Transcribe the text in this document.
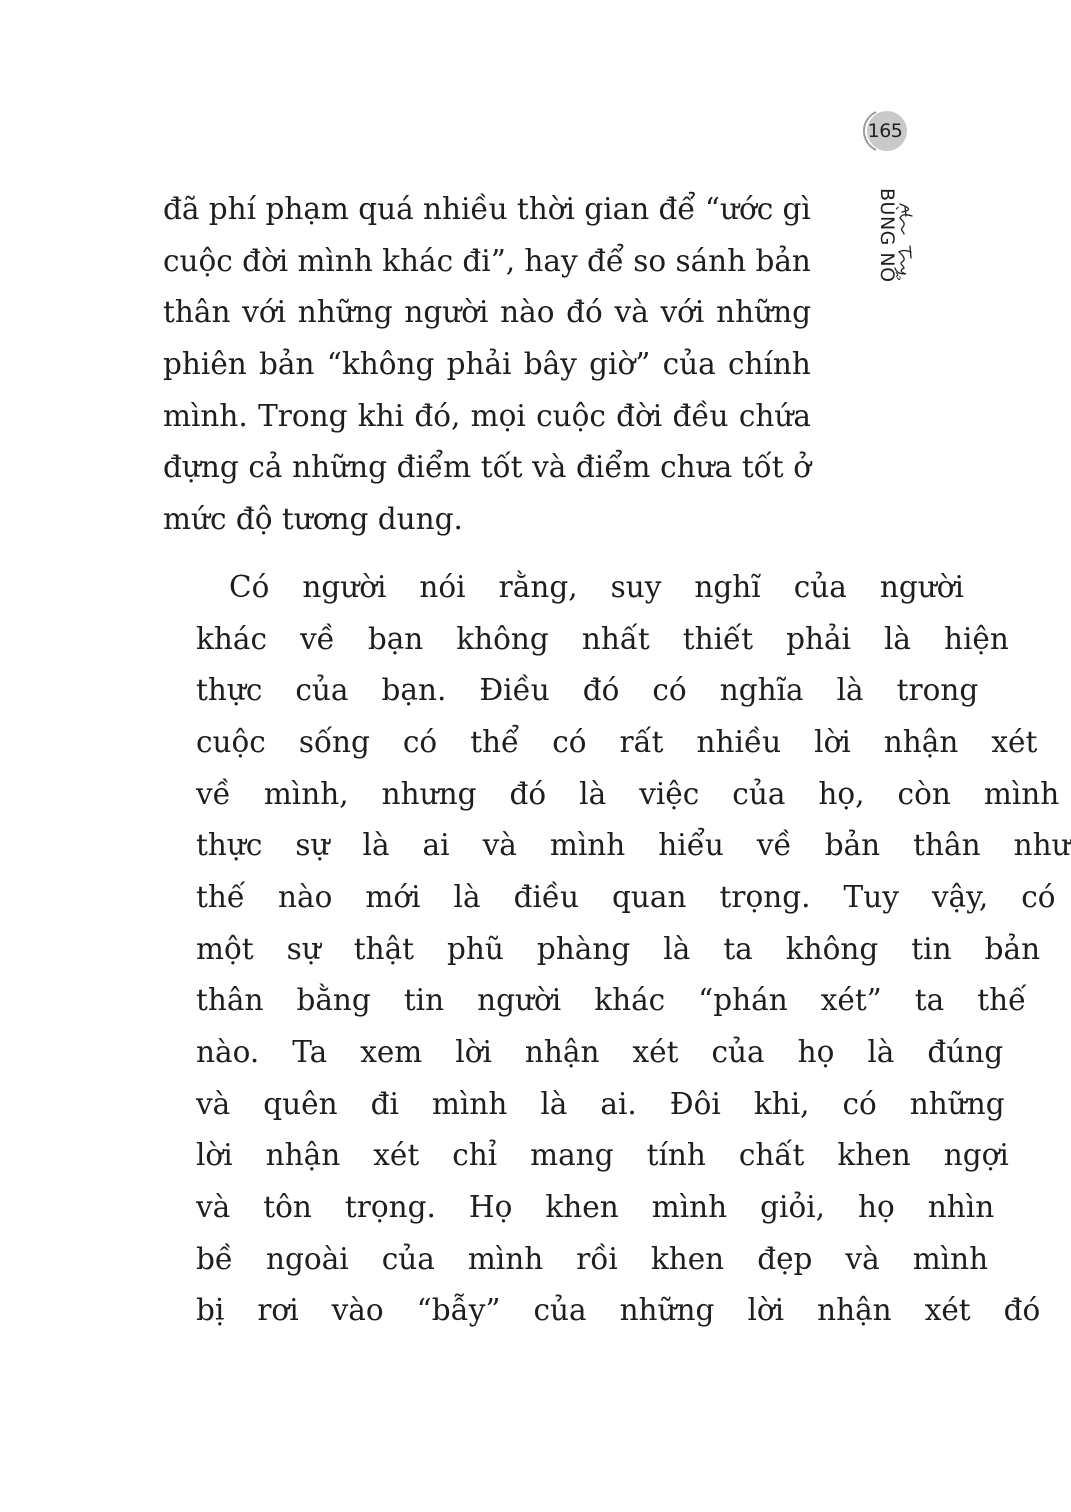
165
BÙNG NỔ

đã phí phạm quá nhiều thời gian để “ước gì
cuộc đời mình khác đi”, hay để so sánh bản
thân với những người nào đó và với những
phiên bản “không phải bây giờ” của chính
mình. Trong khi đó, mọi cuộc đời đều chứa
đựng cả những điểm tốt và điểm chưa tốt ở
mức độ tương dung.

Có	người	nói	rằng,	suy	nghĩ	của	người
khác	về	bạn	không	nhất	thiết	phải	là	hiện
thực	của	bạn.	Điều	đó	có	nghĩa	là	trong
cuộc	sống	có	thể	có	rất	nhiều	lời	nhận	xét
về	mình,	nhưng	đó	là	việc	của	họ,	còn	mình
thực	sự	là	ai	và	mình	hiểu	về	bản	thân	như
thế	nào	mới	là	điều	quan	trọng.	Tuy	vậy,	có
một	sự	thật	phũ	phàng	là	ta	không	tin	bản
thân	bằng	tin	người	khác	“phán	xét”	ta	thế
nào.	Ta	xem	lời	nhận	xét	của	họ	là	đúng
và	quên	đi	mình	là	ai.	Đôi	khi,	có	những
lời	nhận	xét	chỉ	mang	tính	chất	khen	ngợi
và	tôn	trọng.	Họ	khen	mình	giỏi,	họ	nhìn
bề	ngoài	của	mình	rồi	khen	đẹp	và	mình
bị	rơi	vào	“bẫy”	của	những	lời	nhận	xét	đó
